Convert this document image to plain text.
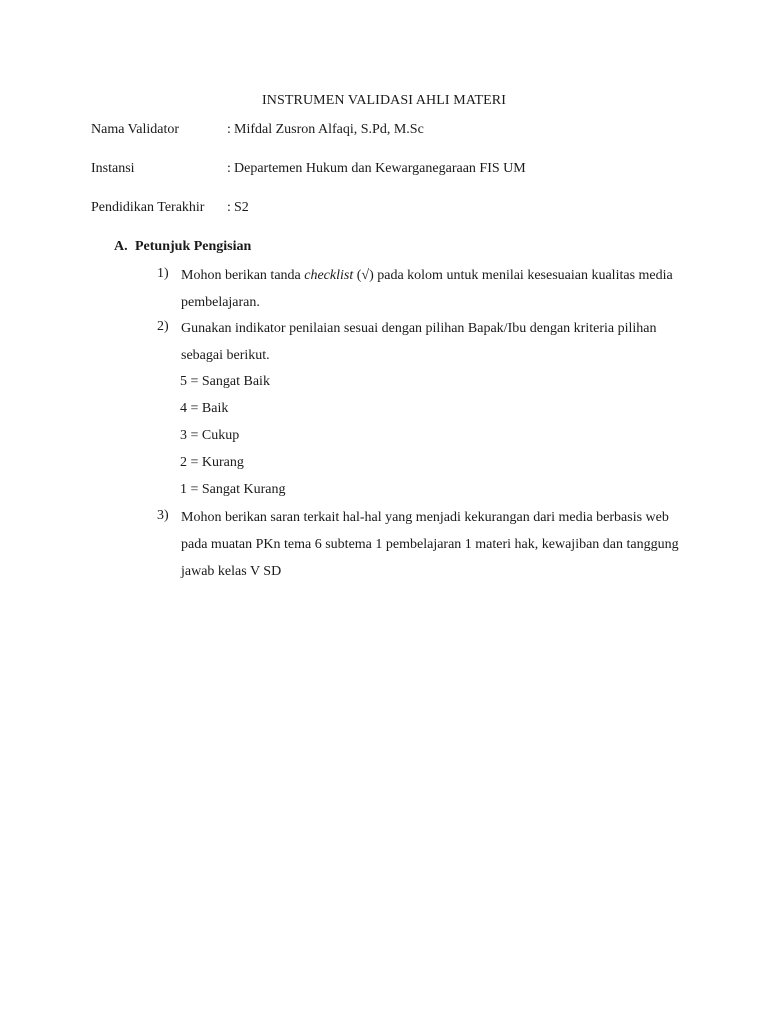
INSTRUMEN VALIDASI AHLI MATERI
Nama Validator	: Mifdal Zusron Alfaqi, S.Pd, M.Sc
Instansi	: Departemen Hukum dan Kewarganegaraan FIS UM
Pendidikan Terakhir : S2
A. Petunjuk Pengisian
1) Mohon berikan tanda checklist (√) pada kolom untuk menilai kesesuaian kualitas media pembelajaran.
2) Gunakan indikator penilaian sesuai dengan pilihan Bapak/Ibu dengan kriteria pilihan sebagai berikut.
5 = Sangat Baik
4 = Baik
3 = Cukup
2 = Kurang
1 = Sangat Kurang
3) Mohon berikan saran terkait hal-hal yang menjadi kekurangan dari media berbasis web pada muatan PKn tema 6 subtema 1 pembelajaran 1 materi hak, kewajiban dan tanggung jawab kelas V SD
